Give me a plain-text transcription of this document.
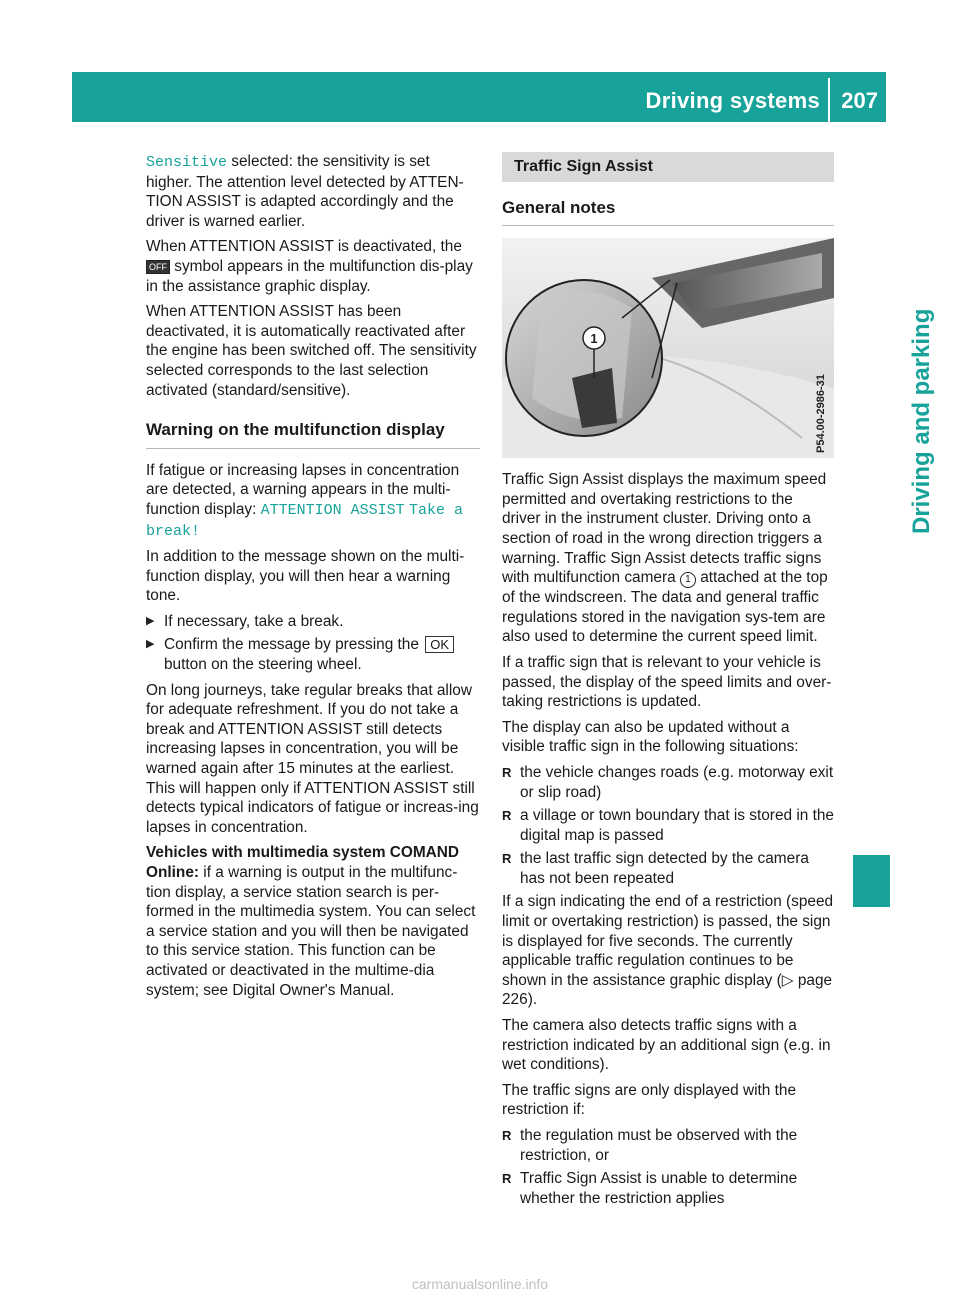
Driving systems 207
Driving and parking

Sensitive selected: the sensitivity is set higher. The attention level detected by ATTEN-TION ASSIST is adapted accordingly and the driver is warned earlier.

When ATTENTION ASSIST is deactivated, the OFF symbol appears in the multifunction dis-play in the assistance graphic display.

When ATTENTION ASSIST has been deactivated, it is automatically reactivated after the engine has been switched off. The sensitivity selected corresponds to the last selection activated (standard/sensitive).

Warning on the multifunction display

If fatigue or increasing lapses in concentration are detected, a warning appears in the multi-function display: ATTENTION ASSIST Take a break!

In addition to the message shown on the multi-function display, you will then hear a warning tone.

▶ If necessary, take a break.
▶ Confirm the message by pressing the OK button on the steering wheel.

On long journeys, take regular breaks that allow for adequate refreshment. If you do not take a break and ATTENTION ASSIST still detects increasing lapses in concentration, you will be warned again after 15 minutes at the earliest. This will happen only if ATTENTION ASSIST still detects typical indicators of fatigue or increas-ing lapses in concentration.

Vehicles with multimedia system COMAND Online: if a warning is output in the multifunc-tion display, a service station search is per-formed in the multimedia system. You can select a service station and you will then be navigated to this service station. This function can be activated or deactivated in the multime-dia system; see Digital Owner's Manual.

Traffic Sign Assist
General notes
1
P54.00-2986-31

Traffic Sign Assist displays the maximum speed permitted and overtaking restrictions to the driver in the instrument cluster. Driving onto a section of road in the wrong direction triggers a warning. Traffic Sign Assist detects traffic signs with multifunction camera 1 attached at the top of the windscreen. The data and general traffic regulations stored in the navigation sys-tem are also used to determine the current speed limit.

If a traffic sign that is relevant to your vehicle is passed, the display of the speed limits and over-taking restrictions is updated.

The display can also be updated without a visible traffic sign in the following situations:

R the vehicle changes roads (e.g. motorway exit or slip road)
R a village or town boundary that is stored in the digital map is passed
R the last traffic sign detected by the camera has not been repeated

If a sign indicating the end of a restriction (speed limit or overtaking restriction) is passed, the sign is displayed for five seconds. The currently applicable traffic regulation continues to be shown in the assistance graphic display (▷ page 226).

The camera also detects traffic signs with a restriction indicated by an additional sign (e.g. in wet conditions).

The traffic signs are only displayed with the restriction if:

R the regulation must be observed with the restriction, or
R Traffic Sign Assist is unable to determine whether the restriction applies
carmanualsonline.info
